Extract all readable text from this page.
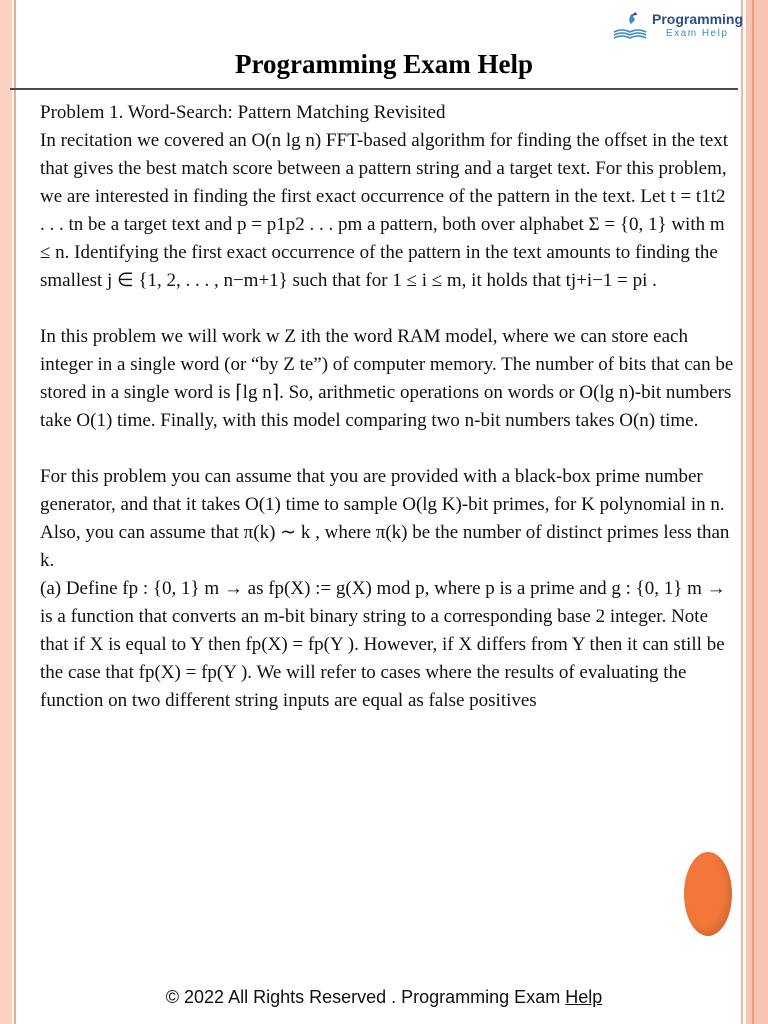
Programming
Exam Help
Programming Exam Help

Problem 1. Word-Search: Pattern Matching Revisited

In recitation we covered an O(n lg n) FFT-based algorithm for finding the offset in the text that gives the best match score between a pattern string and a target text. For this problem, we are interested in finding the first exact occurrence of the pattern in the text. Let t = t1t2 . . . tn be a target text and p = p1p2 . . . pm a pattern, both over alphabet Σ = {0, 1} with m ≤ n. Identifying the first exact occurrence of the pattern in the text amounts to finding the smallest j ∈ {1, 2, . . . , n−m+1} such that for 1 ≤ i ≤ m, it holds that tj+i−1 = pi .

In this problem we will work w Z ith the word RAM model, where we can store each integer in a single word (or “by Z te”) of computer memory. The number of bits that can be stored in a single word is ⌈lg n⌉. So, arithmetic operations on words or O(lg n)-bit numbers take O(1) time. Finally, with this model comparing two n-bit numbers takes O(n) time.

For this problem you can assume that you are provided with a black-box prime number generator, and that it takes O(1) time to sample O(lg K)-bit primes, for K polynomial in n. Also, you can assume that π(k) ∼ k , where π(k) be the number of distinct primes less than k.

(a) Define fp : {0, 1} m → as fp(X) := g(X) mod p, where p is a prime and g : {0, 1} m → is a function that converts an m-bit binary string to a corresponding base 2 integer. Note that if X is equal to Y then fp(X) = fp(Y ). However, if X differs from Y then it can still be the case that fp(X) = fp(Y ). We will refer to cases where the results of evaluating the function on two different string inputs are equal as false positives

© 2022 All Rights Reserved . Programming Exam Help
